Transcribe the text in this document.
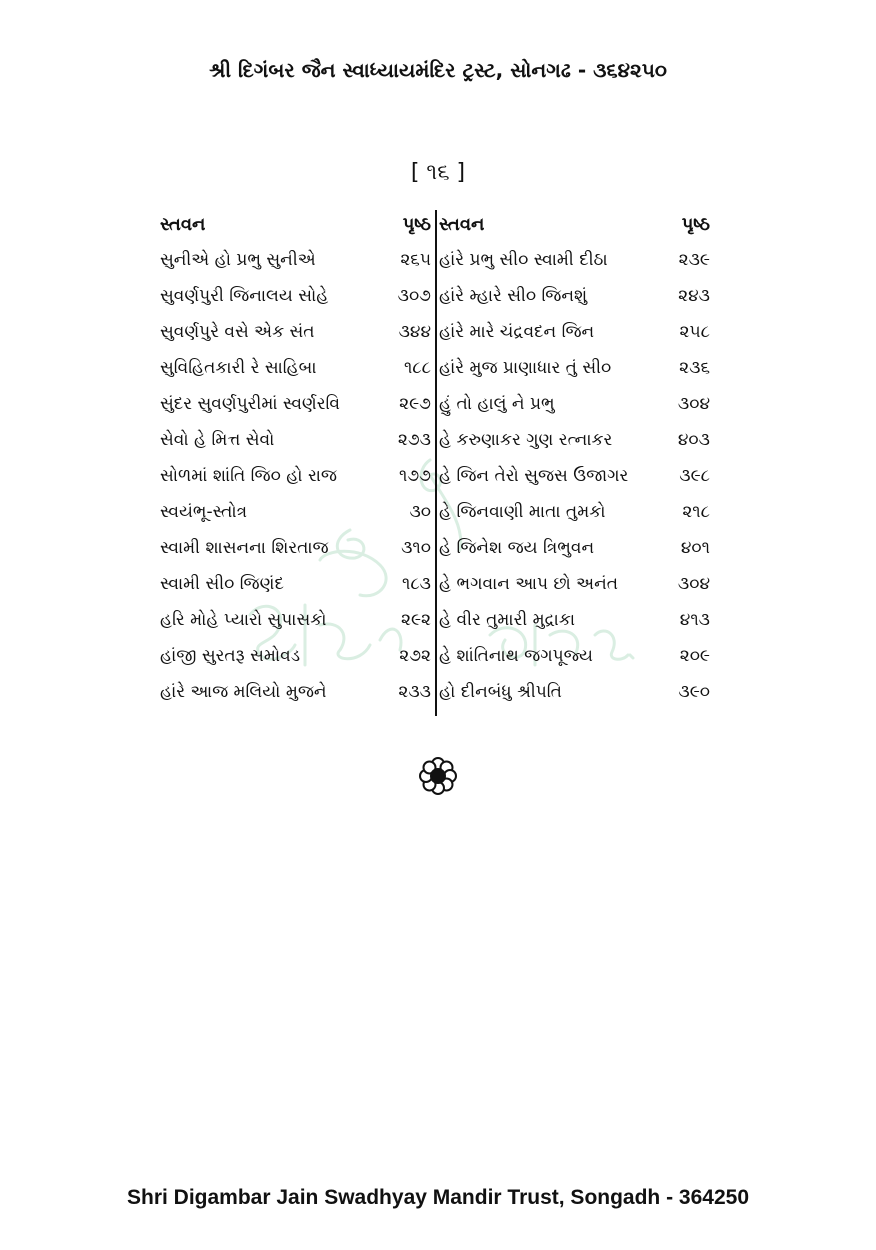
શ્રી દિગંબર જૈન સ્વાધ્યાયમંદિર ટ્રસ્ટ, સોનગઢ - ૩૬૪૨૫૦
[ ૧૬ ]
સ્તવન	પૃષ્ઠ સ્તવન	પૃષ્ઠ
સુનીએ હો પ્રભુ સુનીએ	૨૬૫ હાંરે પ્રભુ સી૦ સ્વામી દીઠા	૨૩૯
સુવર્ણપુરી જિનાલય સોહે	૩૦૭ હાંરે મ્હારે સી૦ જિનશું	૨૪૩
સુવર્ણપુરે વસે એક સંત	૩૪૪ હાંરે મારે ચંદ્રવદન જિન	૨૫૮
સુવિહિતકારી રે સાહિબા	૧૮૮ હાંરે મુજ પ્રાણાધાર તું સી૦	૨૩૬
સુંદર સુવર્ણપુરીમાં સ્વર્ણરવિ	૨૯૭ હું તો હાલું ને પ્રભુ	૩૦૪
સેવો હે મિત્ત સેવો	૨૭૩ હે કરુણાકર ગુણ રત્નાકર	૪૦૩
સોળમાં શાંતિ જિ૦ હો રાજ	૧૭૭ હે જિન તેરો સુજસ ઉજાગર	૩૯૮
સ્વયંભૂ-સ્તોત્ર	૩૦ હે જિનવાણી માતા તુમકો	૨૧૮
સ્વામી શાસનના શિરતાજ	૩૧૦ હે જિનેશ જય ત્રિભુવન	૪૦૧
સ્વામી સી૦ જિણંદ	૧૮૩ હે ભગવાન આપ છો અનંત	૩૦૪
હરિ મોહે પ્યારો સુપાસકો	૨૯૨ હે વીર તુમારી મુદ્રાકા	૪૧૩
હાંજી સુરતરૂ સમોવડ	૨૭૨ હે શાંતિનાથ જગપૂજ્ય	૨૦૯
હાંરે આજ મલિયો મુજને	૨૩૩ હો દીનબંધુ શ્રીપતિ	૩૯૦
Shri Digambar Jain Swadhyay Mandir Trust, Songadh - 364250
